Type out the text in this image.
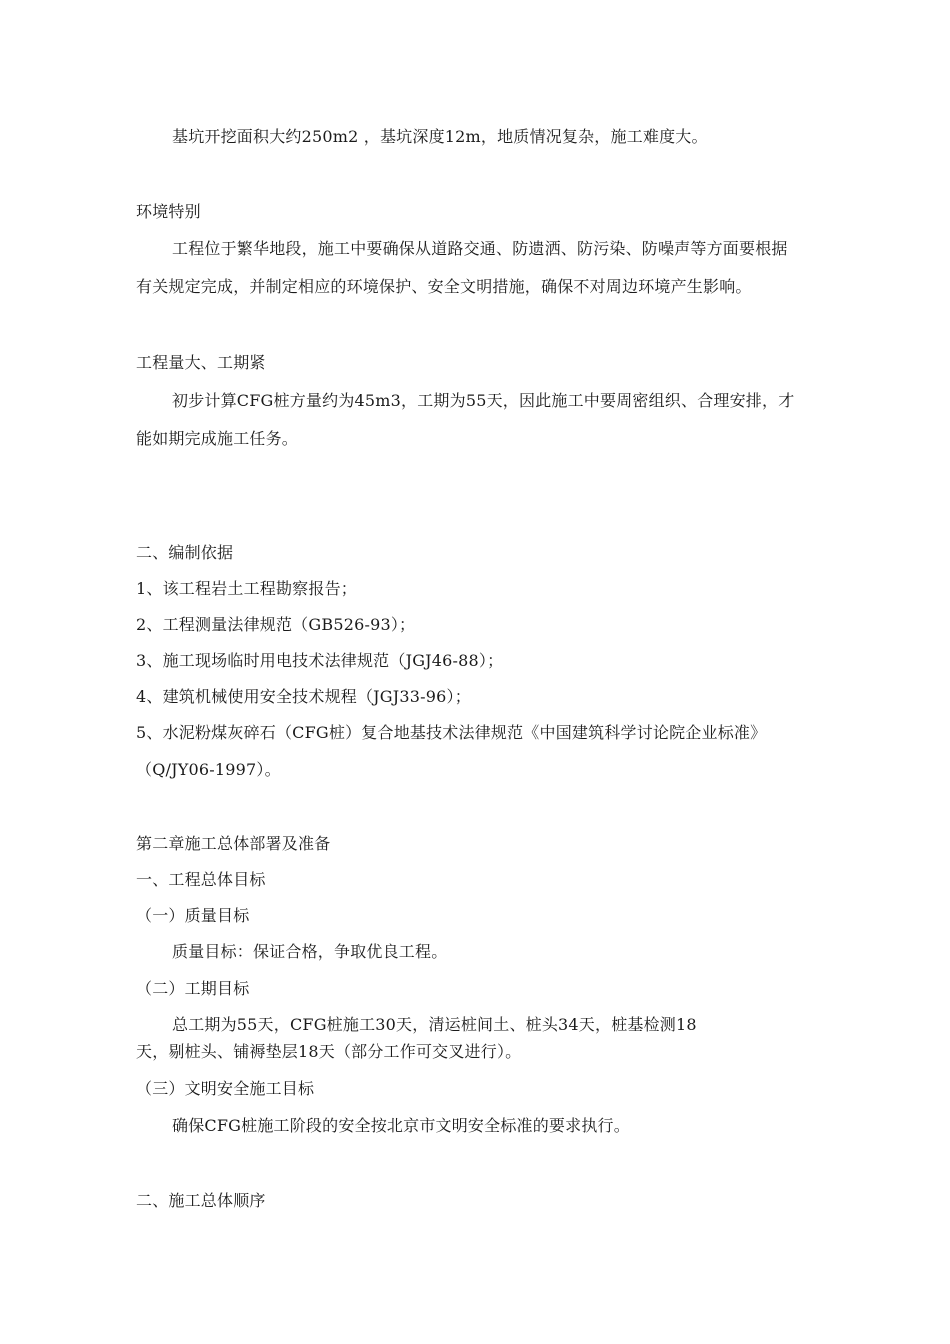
基坑开挖面积大约250m2 ，基坑深度12m，地质情况复杂，施工难度大。
环境特别
工程位于繁华地段，施工中要确保从道路交通、防遗洒、防污染、防噪声等方面要根据
有关规定完成，并制定相应的环境保护、安全文明措施，确保不对周边环境产生影响。
工程量大、工期紧
初步计算CFG桩方量约为45m3，工期为55天，因此施工中要周密组织、合理安排，才
能如期完成施工任务。
二、编制依据
1、该工程岩土工程勘察报告；
2、工程测量法律规范（GB526-93）；
3、施工现场临时用电技术法律规范（JGJ46-88）；
4、建筑机械使用安全技术规程（JGJ33-96）；
5、水泥粉煤灰碎石（CFG桩）复合地基技术法律规范《中国建筑科学讨论院企业标准》
（Q/JY06-1997）。
第二章施工总体部署及准备
一、工程总体目标
（一）质量目标
质量目标：保证合格，争取优良工程。
（二）工期目标
总工期为55天，CFG桩施工30天，清运桩间土、桩头34天，桩基检测18
天，剔桩头、铺褥垫层18天（部分工作可交叉进行）。
（三）文明安全施工目标
确保CFG桩施工阶段的安全按北京市文明安全标准的要求执行。
二、施工总体顺序
